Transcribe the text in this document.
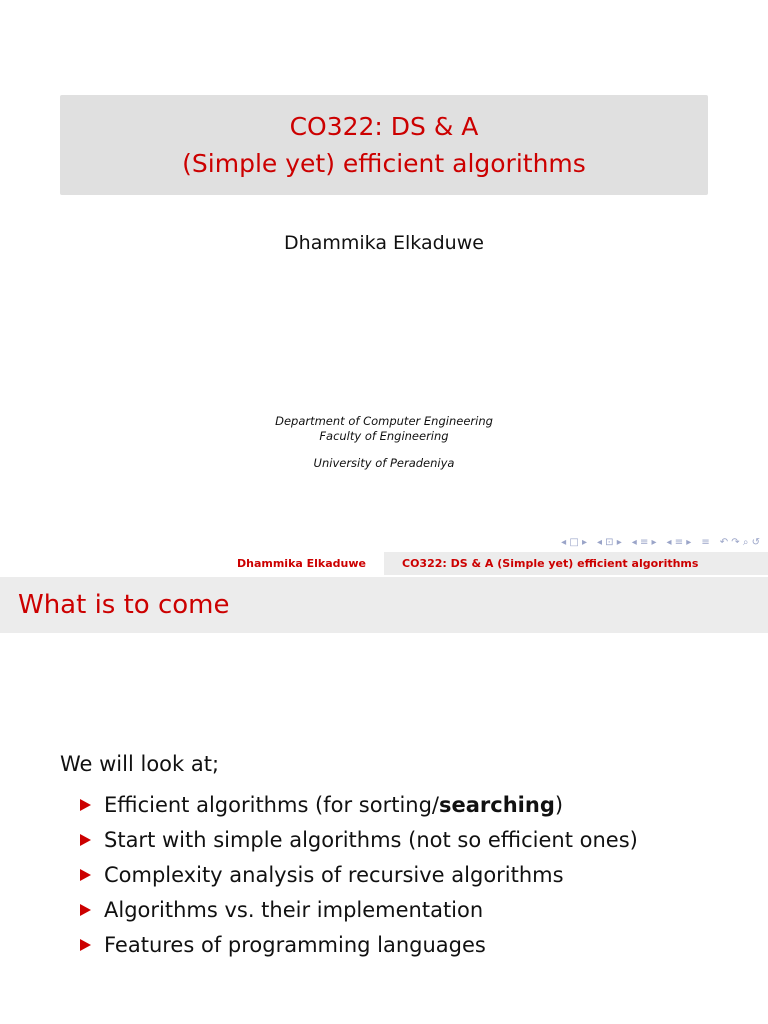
CO322: DS & A
(Simple yet) efficient algorithms
Dhammika Elkaduwe
Department of Computer Engineering
Faculty of Engineering
University of Peradeniya
◂ □ ▸ ◂ ⊡ ▸ ◂ ≡ ▸ ◂ ≡ ▸ ≡ ↶ ↷ ⌕ ↺
Dhammika Elkaduwe	CO322: DS & A (Simple yet) efficient algorithms
What is to come
We will look at;
Efficient algorithms (for sorting/searching)
Start with simple algorithms (not so efficient ones)
Complexity analysis of recursive algorithms
Algorithms vs. their implementation
Features of programming languages
